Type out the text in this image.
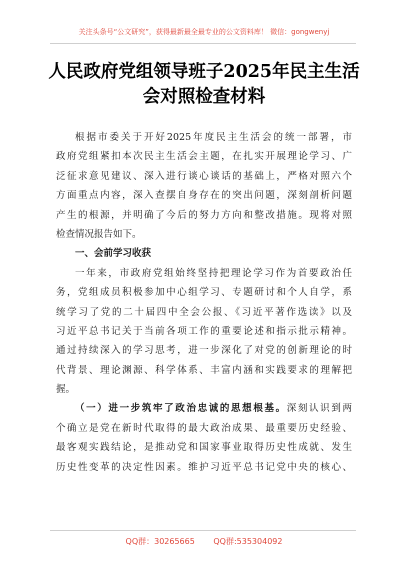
关注头条号“公文研究”，获得最新最全最专业的公文资料库！ 微信：gongwenyj
人民政府党组领导班子2025年民主生活
会对照检查材料
根据市委关于开好2025年度民主生活会的统一部署，市
政府党组紧扣本次民主生活会主题，在扎实开展理论学习、广
泛征求意见建议、深入进行谈心谈话的基础上，严格对照六个
方面重点内容，深入查摆自身存在的突出问题，深刻剖析问题
产生的根源，并明确了今后的努力方向和整改措施。现将对照
检查情况报告如下。
一、会前学习收获
一年来，市政府党组始终坚持把理论学习作为首要政治任
务，党组成员积极参加中心组学习、专题研讨和个人自学，系
统学习了党的二十届四中全会公报、《习近平著作选读》以及
习近平总书记关于当前各项工作的重要论述和指示批示精神。
通过持续深入的学习思考，进一步深化了对党的创新理论的时
代背景、理论渊源、科学体系、丰富内涵和实践要求的理解把
握。
（一）进一步筑牢了政治忠诚的思想根基。深刻认识到两
个确立是党在新时代取得的最大政治成果、最重要历史经验、
最客观实践结论，是推动党和国家事业取得历史性成就、发生
历史性变革的决定性因素。维护习近平总书记党中央的核心、
QQ群：30265665 QQ群:535304092
